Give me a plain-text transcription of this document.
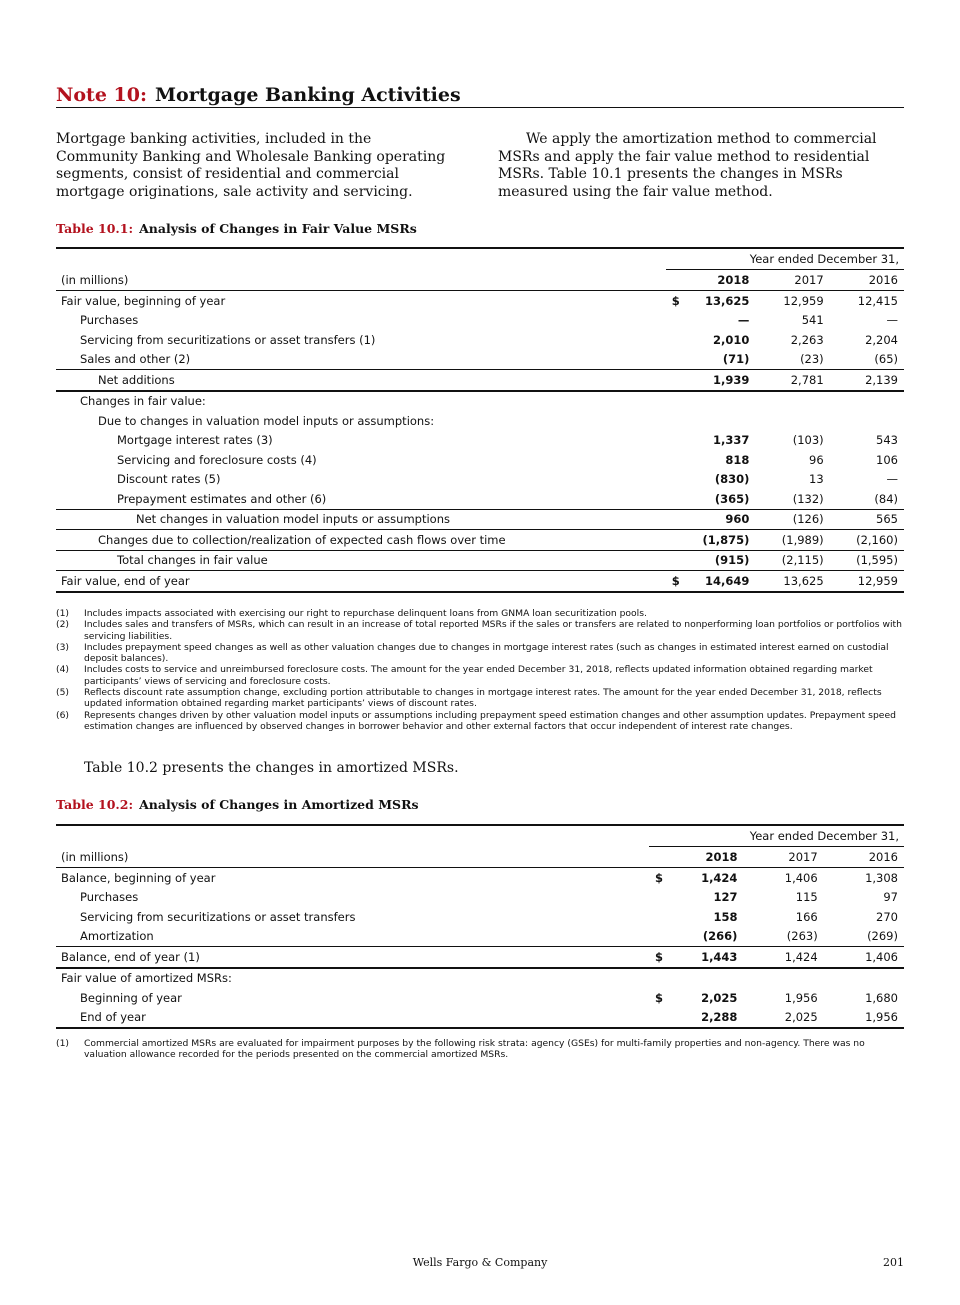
Note 10: Mortgage Banking Activities
Mortgage banking activities, included in the Community Banking and Wholesale Banking operating segments, consist of residential and commercial mortgage originations, sale activity and servicing.
We apply the amortization method to commercial MSRs and apply the fair value method to residential MSRs. Table 10.1 presents the changes in MSRs measured using the fair value method.
Table 10.1: Analysis of Changes in Fair Value MSRs

	Year ended December 31,			
(in millions)		2018	2017	2016
Fair value, beginning of year	$	13,625	12,959	12,415
Purchases		—	541	—
Servicing from securitizations or asset transfers (1)		2,010	2,263	2,204
Sales and other (2)		(71)	(23)	(65)
Net additions		1,939	2,781	2,139
Changes in fair value:				
Due to changes in valuation model inputs or assumptions:				
Mortgage interest rates (3)		1,337	(103)	543
Servicing and foreclosure costs (4)		818	96	106
Discount rates (5)		(830)	13	—
Prepayment estimates and other (6)		(365)	(132)	(84)
Net changes in valuation model inputs or assumptions		960	(126)	565
Changes due to collection/realization of expected cash flows over time		(1,875)	(1,989)	(2,160)
Total changes in fair value		(915)	(2,115)	(1,595)
Fair value, end of year	$	14,649	13,625	12,959
(1)	Includes impacts associated with exercising our right to repurchase delinquent loans from GNMA loan securitization pools.
(2)	Includes sales and transfers of MSRs, which can result in an increase of total reported MSRs if the sales or transfers are related to nonperforming loan portfolios or portfolios with servicing liabilities.
(3)	Includes prepayment speed changes as well as other valuation changes due to changes in mortgage interest rates (such as changes in estimated interest earned on custodial deposit balances).
(4)	Includes costs to service and unreimbursed foreclosure costs. The amount for the year ended December 31, 2018, reflects updated information obtained regarding market participants’ views of servicing and foreclosure costs.
(5)	Reflects discount rate assumption change, excluding portion attributable to changes in mortgage interest rates. The amount for the year ended December 31, 2018, reflects updated information obtained regarding market participants’ views of discount rates.
(6)	Represents changes driven by other valuation model inputs or assumptions including prepayment speed estimation changes and other assumption updates. Prepayment speed estimation changes are influenced by observed changes in borrower behavior and other external factors that occur independent of interest rate changes.
Table 10.2 presents the changes in amortized MSRs.
Table 10.2: Analysis of Changes in Amortized MSRs

	Year ended December 31,			
(in millions)		2018	2017	2016
Balance, beginning of year	$	1,424	1,406	1,308
Purchases		127	115	97
Servicing from securitizations or asset transfers		158	166	270
Amortization		(266)	(263)	(269)
Balance, end of year (1)	$	1,443	1,424	1,406
Fair value of amortized MSRs:				
Beginning of year	$	2,025	1,956	1,680
End of year		2,288	2,025	1,956
(1)	Commercial amortized MSRs are evaluated for impairment purposes by the following risk strata: agency (GSEs) for multi-family properties and non-agency. There was no valuation allowance recorded for the periods presented on the commercial amortized MSRs.
Wells Fargo & Company	201
